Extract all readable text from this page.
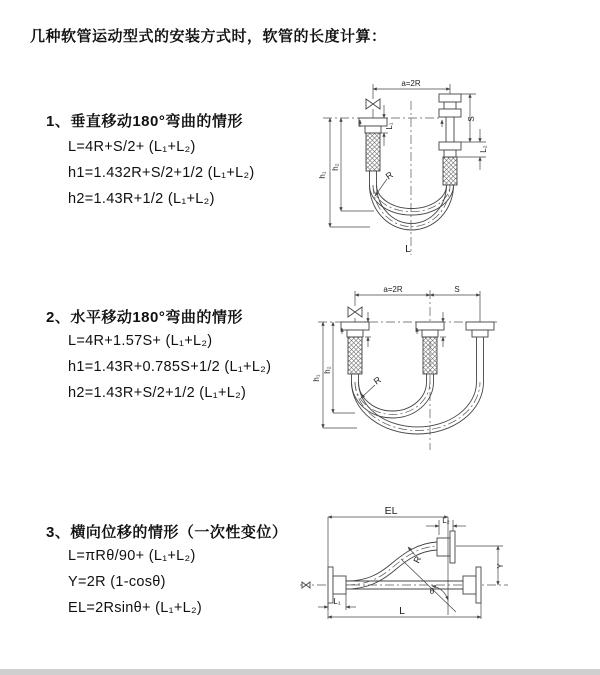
几种软管运动型式的安装方式时，软管的长度计算：
1、垂直移动180°弯曲的情形
L=4R+S/2+ (L₁+L₂)
h1=1.432R+S/2+1/2 (L₁+L₂)
h2=1.43R+1/2 (L₁+L₂)
2、水平移动180°弯曲的情形
L=4R+1.57S+ (L₁+L₂)
h1=1.43R+0.785S+1/2 (L₁+L₂)
h2=1.43R+S/2+1/2 (L₁+L₂)
3、横向位移的情形（一次性变位）
L=πRθ/90+ (L₁+L₂)
Y=2R (1-cosθ)
EL=2Rsinθ+ (L₁+L₂)
a=2R
h₁
h₂
L₁
S
L₂
R
L
a=2R	S
h₁
h₂
R
EL
L₂
Y
R
θ
L₁
L
